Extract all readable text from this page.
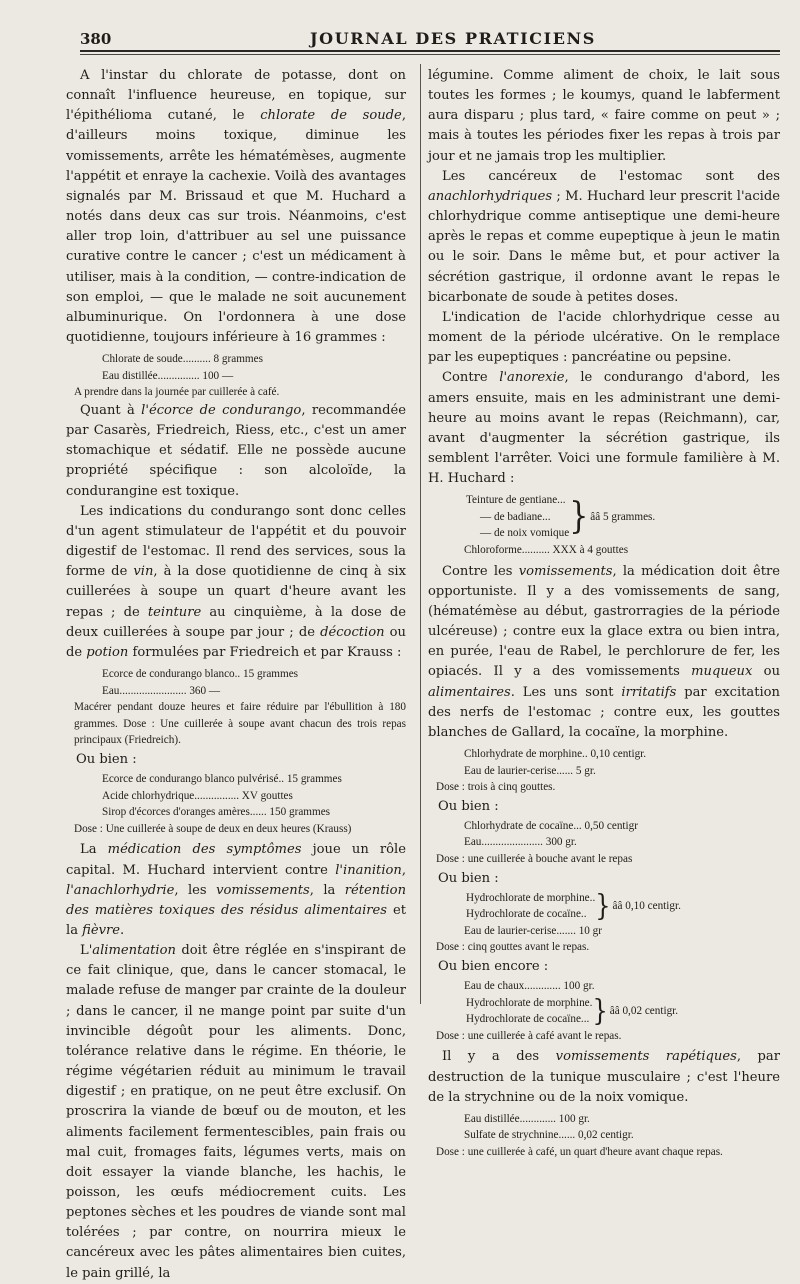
380	JOURNAL DES PRATICIENS

A l'instar du chlorate de potasse, dont on connaît l'influence heureuse, en topique, sur l'épithélioma cutané, le chlorate de soude, d'ailleurs moins toxique, diminue les vomissements, arrête les hématémèses, augmente l'appétit et enraye la cachexie. Voilà des avantages signalés par M. Brissaud et que M. Huchard a notés dans deux cas sur trois. Néanmoins, c'est aller trop loin, d'attribuer au sel une puissance curative contre le cancer ; c'est un médicament à utiliser, mais à la condition, — contre-indication de son emploi, — que le malade ne soit aucunement albuminurique. On l'ordonnera à une dose quotidienne, toujours inférieure à 16 grammes :

Chlorate de soude.......... 8 grammes
Eau distillée............... 100 —
A prendre dans la journée par cuillerée à café.

Quant à l'écorce de condurango, recommandée par Casarès, Friedreich, Riess, etc., c'est un amer stomachique et sédatif. Elle ne possède aucune propriété spécifique : son alcoloïde, la condurangine est toxique.

Les indications du condurango sont donc celles d'un agent stimulateur de l'appétit et du pouvoir digestif de l'estomac. Il rend des services, sous la forme de vin, à la dose quotidienne de cinq à six cuillerées à soupe un quart d'heure avant les repas ; de teinture au cinquième, à la dose de deux cuillerées à soupe par jour ; de décoction ou de potion formulées par Friedreich et par Krauss :

Ecorce de condurango blanco.. 15 grammes
Eau........................ 360 —
Macérer pendant douze heures et faire réduire par l'ébullition à 180 grammes. Dose : Une cuillerée à soupe avant chacun des trois repas principaux (Friedreich).
Ou bien :
Ecorce de condurango blanco pulvérisé.. 15 grammes
Acide chlorhydrique................ XV gouttes
Sirop d'écorces d'oranges amères...... 150 grammes
Dose : Une cuillerée à soupe de deux en deux heures (Krauss)

La médication des symptômes joue un rôle capital. M. Huchard intervient contre l'inanition, l'anachlorhydrie, les vomissements, la rétention des matières toxiques des résidus alimentaires et la fièvre.

L'alimentation doit être réglée en s'inspirant de ce fait clinique, que, dans le cancer stomacal, le malade refuse de manger par crainte de la douleur ; dans le cancer, il ne mange point par suite d'un invincible dégoût pour les aliments. Donc, tolérance relative dans le régime. En théorie, le régime végétarien réduit au minimum le travail digestif ; en pratique, on ne peut être exclusif. On proscrira la viande de bœuf ou de mouton, et les aliments facilement fermentescibles, pain frais ou mal cuit, fromages faits, légumes verts, mais on doit essayer la viande blanche, les hachis, le poisson, les œufs médiocrement cuits. Les peptones sèches et les poudres de viande sont mal tolérées ; par contre, on nourrira mieux le cancéreux avec les pâtes alimentaires bien cuites, le pain grillé, la

légumine. Comme aliment de choix, le lait sous toutes les formes ; le koumys, quand le labferment aura disparu ; plus tard, « faire comme on peut » ; mais à toutes les périodes fixer les repas à trois par jour et ne jamais trop les multiplier.

Les cancéreux de l'estomac sont des anachlorhydriques ; M. Huchard leur prescrit l'acide chlorhydrique comme antiseptique une demi-heure après le repas et comme eupeptique à jeun le matin ou le soir. Dans le même but, et pour activer la sécrétion gastrique, il ordonne avant le repas le bicarbonate de soude à petites doses.

L'indication de l'acide chlorhydrique cesse au moment de la période ulcérative. On le remplace par les eupeptiques : pancréatine ou pepsine.

Contre l'anorexie, le condurango d'abord, les amers ensuite, mais en les administrant une demi-heure au moins avant le repas (Reichmann), car, avant d'augmenter la sécrétion gastrique, ils semblent l'arrêter. Voici une formule familière à M. H. Huchard :

Teinture de gentiane...
— de badiane...
— de noix vomique } ââ 5 grammes.
Chloroforme.......... XXX à 4 gouttes

Contre les vomissements, la médication doit être opportuniste. Il y a des vomissements de sang, (hématémèse au début, gastrorragies de la période ulcéreuse) ; contre eux la glace extra ou bien intra, en purée, l'eau de Rabel, le perchlorure de fer, les opiacés. Il y a des vomissements muqueux ou alimentaires. Les uns sont irritatifs par excitation des nerfs de l'estomac ; contre eux, les gouttes blanches de Gallard, la cocaïne, la morphine.

Chlorhydrate de morphine.. 0,10 centigr.
Eau de laurier-cerise...... 5 gr.
Dose : trois à cinq gouttes.
Ou bien :
Chlorhydrate de cocaïne... 0,50 centigr
Eau...................... 300 gr.
Dose : une cuillerée à bouche avant le repas
Ou bien :
Hydrochlorate de morphine..
Hydrochlorate de cocaïne.. } ââ 0,10 centigr.
Eau de laurier-cerise....... 10 gr
Dose : cinq gouttes avant le repas.
Ou bien encore :
Eau de chaux............. 100 gr.
Hydrochlorate de morphine.
Hydrochlorate de cocaïne... } ââ 0,02 centigr.
Dose : une cuillerée à café avant le repas.

Il y a des vomissements rapétiques, par destruction de la tunique musculaire ; c'est l'heure de la strychnine ou de la noix vomique.

Eau distillée............. 100 gr.
Sulfate de strychnine...... 0,02 centigr.
Dose : une cuillerée à café, un quart d'heure avant chaque repas.
